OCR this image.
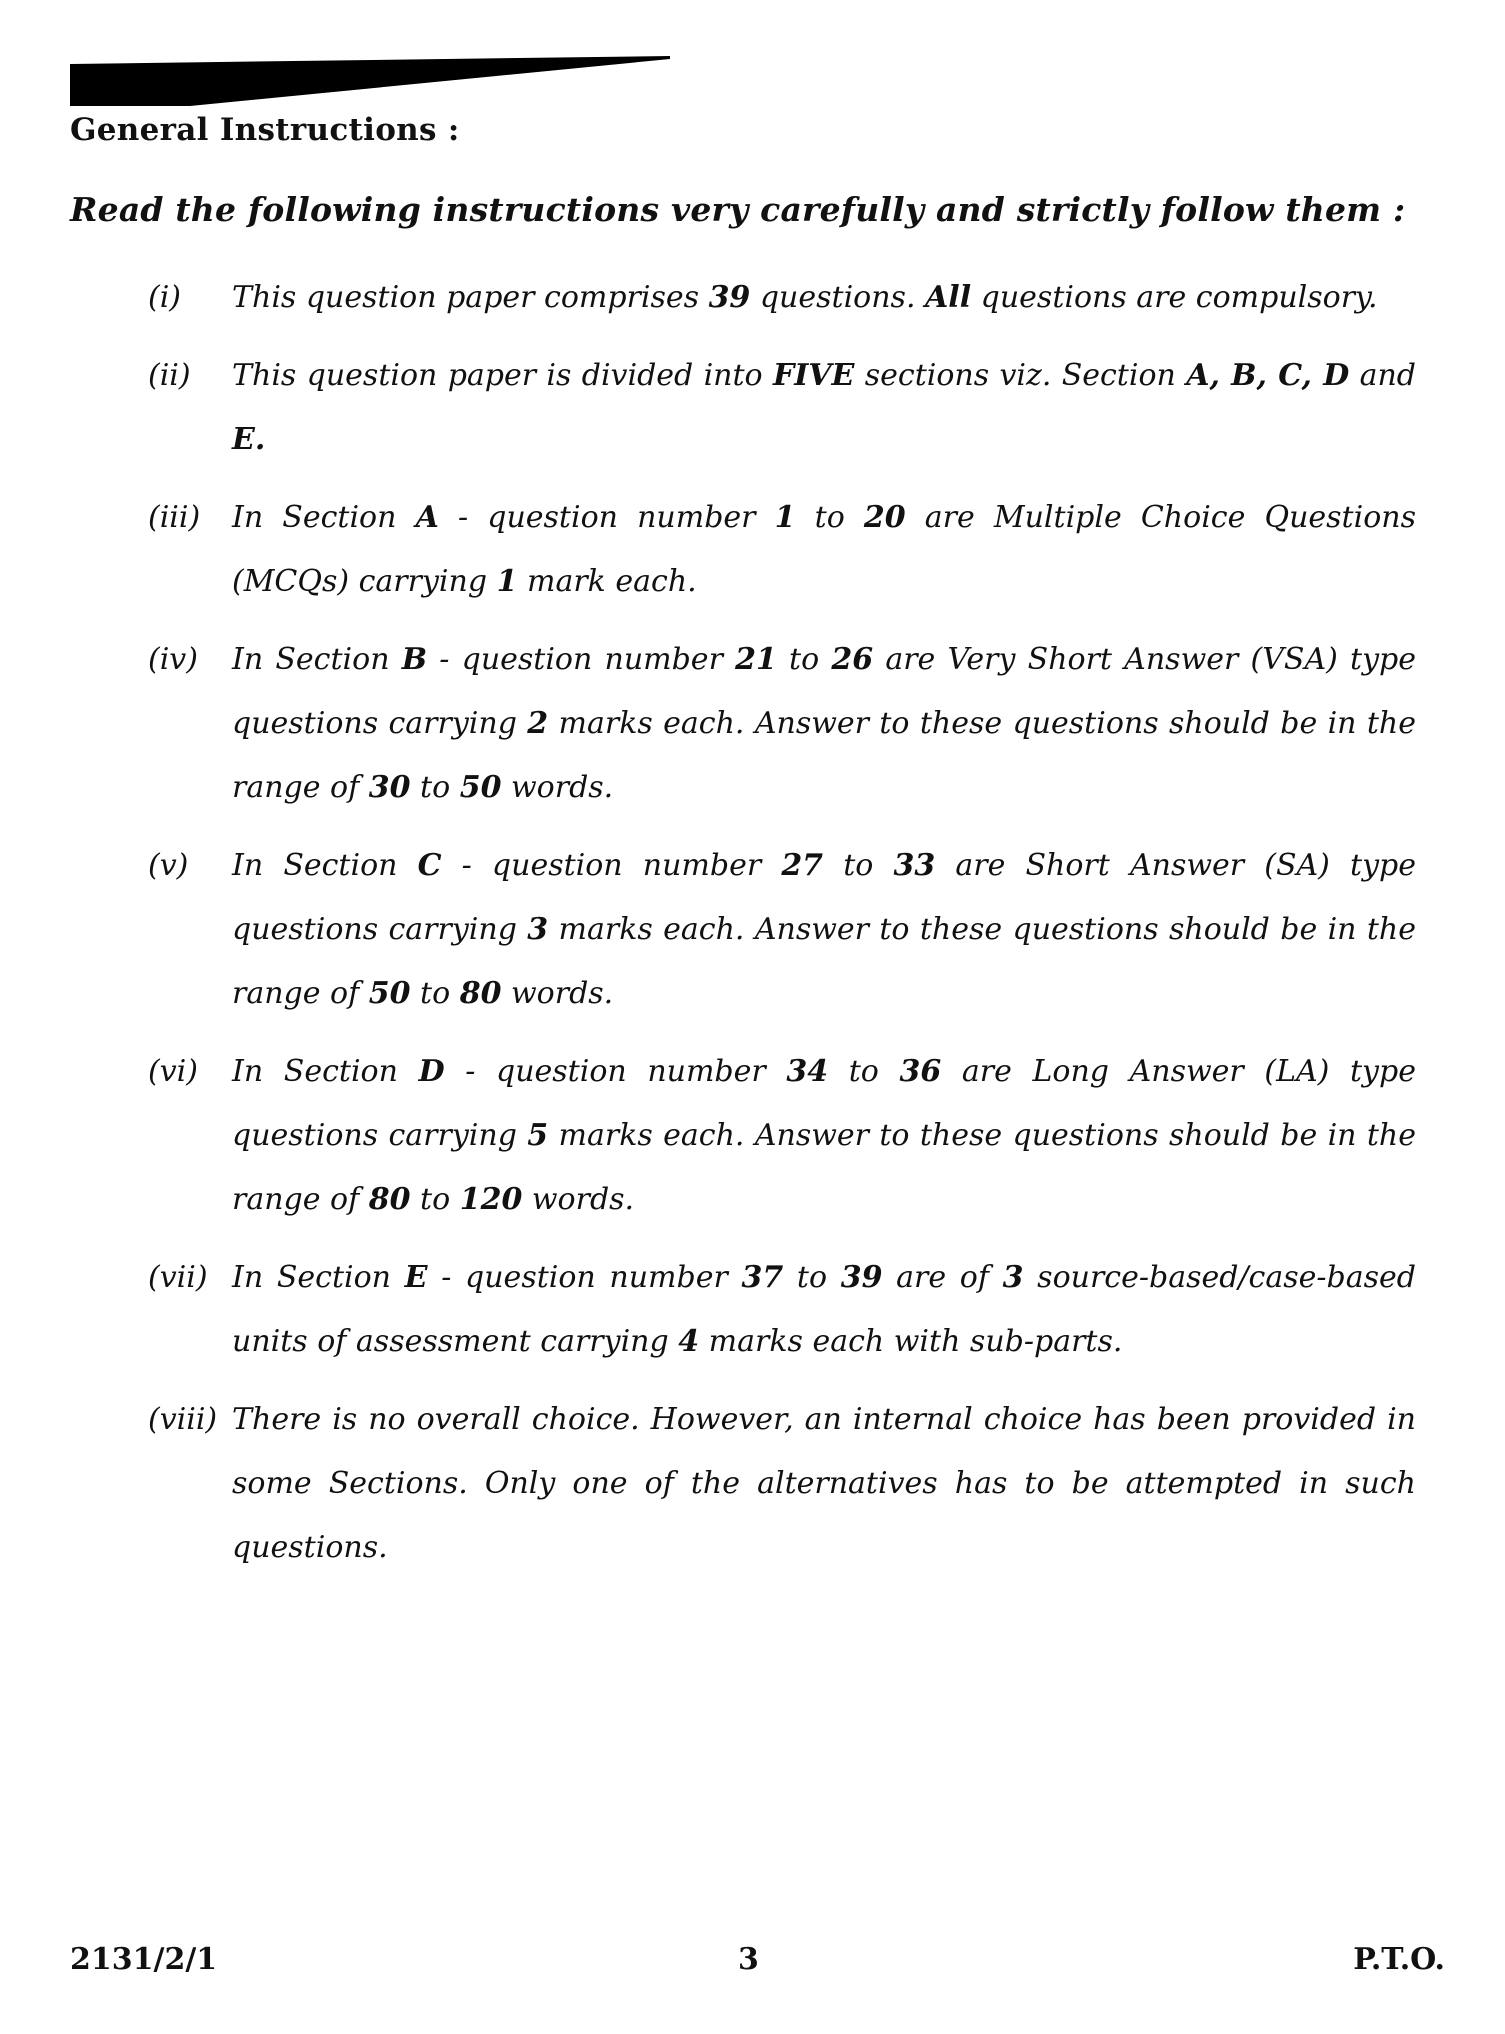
General Instructions :
Read the following instructions very carefully and strictly follow them :
(i) This question paper comprises 39 questions. All questions are compulsory.
(ii) This question paper is divided into FIVE sections viz. Section A, B, C, D and E.
(iii) In Section A - question number 1 to 20 are Multiple Choice Questions (MCQs) carrying 1 mark each.
(iv) In Section B - question number 21 to 26 are Very Short Answer (VSA) type questions carrying 2 marks each. Answer to these questions should be in the range of 30 to 50 words.
(v) In Section C - question number 27 to 33 are Short Answer (SA) type questions carrying 3 marks each. Answer to these questions should be in the range of 50 to 80 words.
(vi) In Section D - question number 34 to 36 are Long Answer (LA) type questions carrying 5 marks each. Answer to these questions should be in the range of 80 to 120 words.
(vii) In Section E - question number 37 to 39 are of 3 source-based/case-based units of assessment carrying 4 marks each with sub-parts.
(viii) There is no overall choice. However, an internal choice has been provided in some Sections. Only one of the alternatives has to be attempted in such questions.
2131/2/1	3	P.T.O.
